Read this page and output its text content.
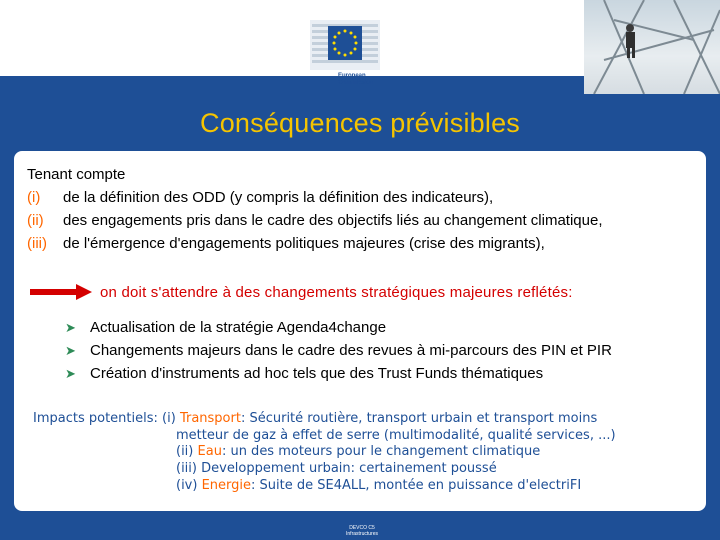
European
Commission
Conséquences prévisibles
Tenant compte
(i) de la définition des ODD (y compris la définition des indicateurs),
(ii) des engagements pris dans le cadre des objectifs liés au changement climatique,
(iii) de l'émergence d'engagements politiques majeures (crise des migrants),
on doit s'attendre à des changements stratégiques majeures reflétés:
➤ Actualisation de la stratégie Agenda4change
➤ Changements majeurs dans le cadre des revues à mi-parcours des PIN et PIR
➤ Création d'instruments ad hoc tels que des Trust Funds thématiques
Impacts potentiels: (i) Transport: Sécurité routière, transport urbain et transport moins
metteur de gaz à effet de serre (multimodalité, qualité services, ...)
(ii) Eau: un des moteurs pour le changement climatique
(iii) Developpement urbain: certainement poussé
(iv) Energie: Suite de SE4ALL, montée en puissance d'electriFI
DEVCO C5
Infrastructures
